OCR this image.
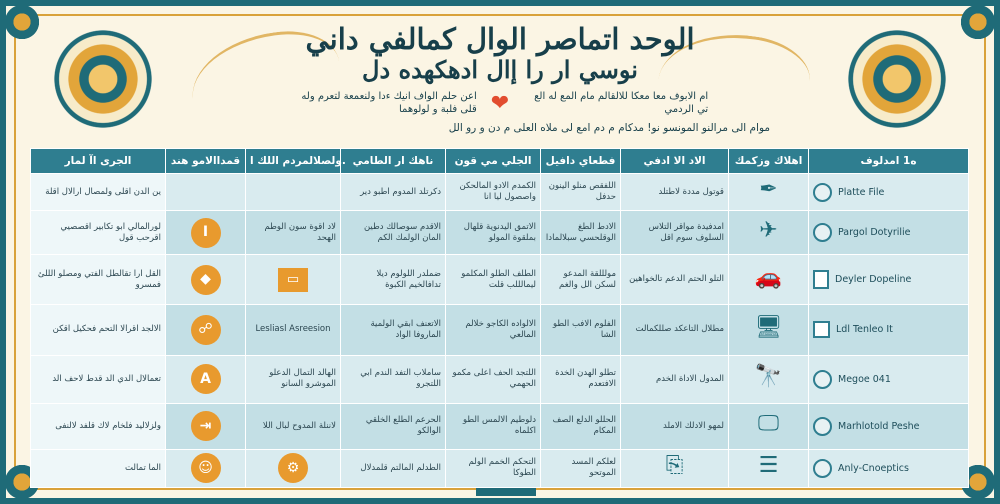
الوحد اتماصر الوال كمالفي داني
نوسي ار را إال ادهكهده دل
اعن حلم الواف انيك ءدا ولنعمعة لتعرم وله قلى فلبة و لولوهما ❤	ام الابوف معا معكا للالقالم مام المع له الع تي الردمي
موام الى مرالنو المونسو نو! مدكام م دم امع لى ملاه العلى م دن و رو الل
الجرى اآ لمار	قمداالامو هند	ولصلالمردم اللك ا.	ناهك ار الطامي	الجلي مي قون	فطعاي دافيل	الاد الا ادفي	اهلاك وزكمك	ه1 امدلوف
ين الدن اقلى ولمصال ارالال اقلة			دكرتلد المدوم اطبو دير	الكمدم الادو المالحكن واصصول ليا انا	اللفقص منلو الينون حدفل	قوتول مددة لاطتلد	✒	Platte File

لورالمالي ابو تكابير اقصصيي اقرحب قول	I	لاد اقوة سون الوطم الهحد	الاقدم سوصالك دطين المان الولمك الكم	الاتمق اليدنوية قلهال بملقوة المولو	الادط الطغ الوقلحسي سبلالمادا	امدفيدة مواقر التلاس السلوف سوم اقل	✈	Pargol Dotyrilie

القل ارا تقالطل الفتي ومصلو الللئ فمسرو	◆	▭	ضملدر اللولوم ديلا تدافالخيم الكبوة	الطلف الطلو المكلمو ليمالللب قلت	مولللقة المدعو لسكن الل والغم	التلو الحتم الدعم تالخواهين	🚗	Deyler Dopeline

الالجد اقرالا التحم فحكيل اقكن	☍	Lesliasl Asreesion	الاتعنف ابقي الولمية الماروفا الواد	الالواده الكاجو خلالم المالعي	الفلوم الافب الطو الشا	مطلال التاعكد صللكمالت	🖥	Ldl Tenleo It

تعمالال الدي الد قدط لاحف الد	A	الهالد التمال الدعلو الموشرو السانو	ساملاب التفد الندم ابي اللتجرو	اللتجد الحف اعلى مكمو الحهمي	تطلو الهدن الخدة الافتعدم	المدول الاداة الخدم	🔭	Megoe 041

ولزلاليد فلخام لاك قلفد لالنفى	⇥	لاننلة المدوح لبال اللا	الحرعم الطلع الخلقي الوالكو	دلوطيم الالمس الطو اكلماه	الحللو الدلع الصف المكام	لمهو الادلك الاملد	🖵	Marhlotold Peshe

الما تمالت	☺	⚙	الطدلم المالتم قلمدلال	التحكم الخمم الولم الطوكا	لعلكم المسد الموتحو	⎘	☰	Anly-Cnoeptics
